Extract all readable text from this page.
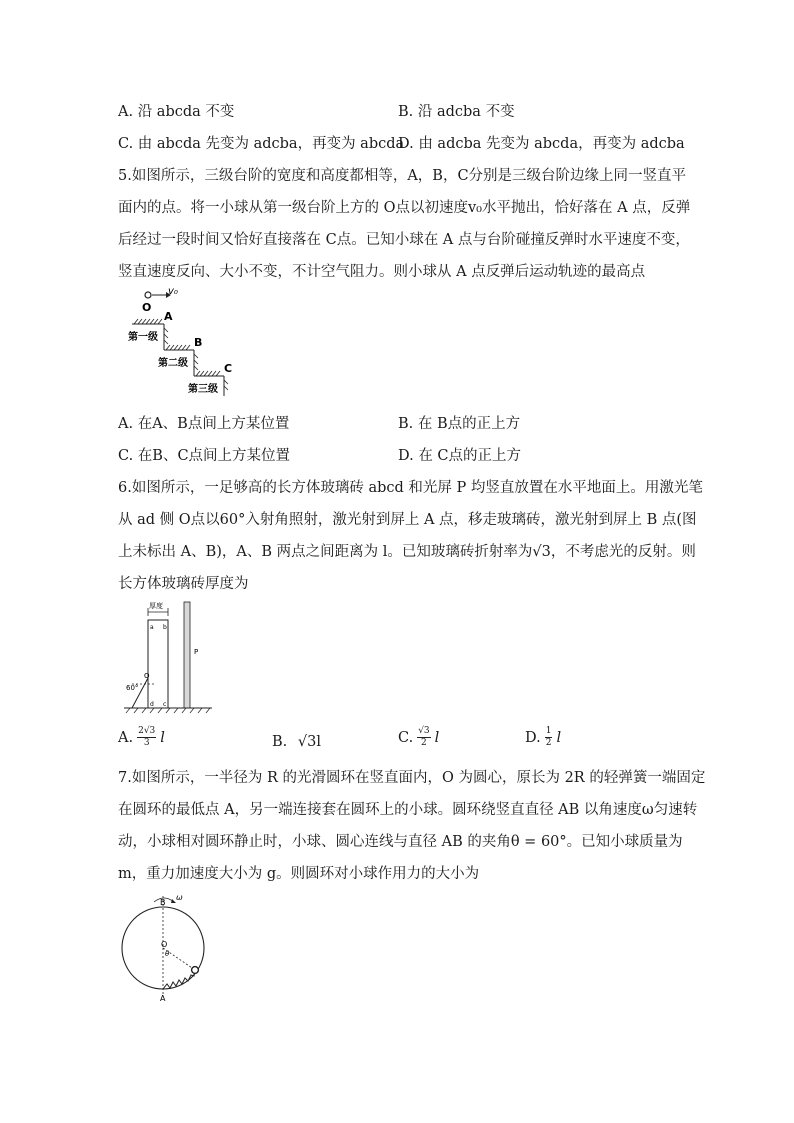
A. 沿 abcda 不变	B. 沿 adcba 不变
C. 由 abcda 先变为 adcba，再变为 abcda
D. 由 adcba 先变为 abcda，再变为 adcba
5.如图所示，三级台阶的宽度和高度都相等，A，B，C分别是三级台阶边缘上同一竖直平
面内的点。将一小球从第一级台阶上方的 O点以初速度v₀水平抛出，恰好落在 A 点，反弹
后经过一段时间又恰好直接落在 C点。已知小球在 A 点与台阶碰撞反弹时水平速度不变，
竖直速度反向、大小不变，不计空气阻力。则小球从 A 点反弹后运动轨迹的最高点
v₀
O
A
B
C
第一级
第二级
第三级
A. 在A、B点间上方某位置	B. 在 B点的正上方
C. 在B、C点间上方某位置	D. 在 C点的正上方
6.如图所示，一足够高的长方体玻璃砖 abcd 和光屏 P 均竖直放置在水平地面上。用激光笔
从 ad 侧 O点以60°入射角照射，激光射到屏上 A 点，移走玻璃砖，激光射到屏上 B 点(图
上未标出 A、B)，A、B 两点之间距离为 l。已知玻璃砖折射率为√3，不考虑光的反射。则
长方体玻璃砖厚度为
厚度
a b
d c
O
60°
P
A. $\frac{2√3}{3}$ l	B. √3l	C. $\frac{√3}{2}$ l	D. $\frac{1}{2}$ l
7.如图所示，一半径为 R 的光滑圆环在竖直面内，O 为圆心，原长为 2R 的轻弹簧一端固定
在圆环的最低点 A，另一端连接套在圆环上的小球。圆环绕竖直直径 AB 以角速度ω匀速转
动，小球相对圆环静止时，小球、圆心连线与直径 AB 的夹角θ = 60°。已知小球质量为
m，重力加速度大小为 g。则圆环对小球作用力的大小为
ω
B
O
θ
A
